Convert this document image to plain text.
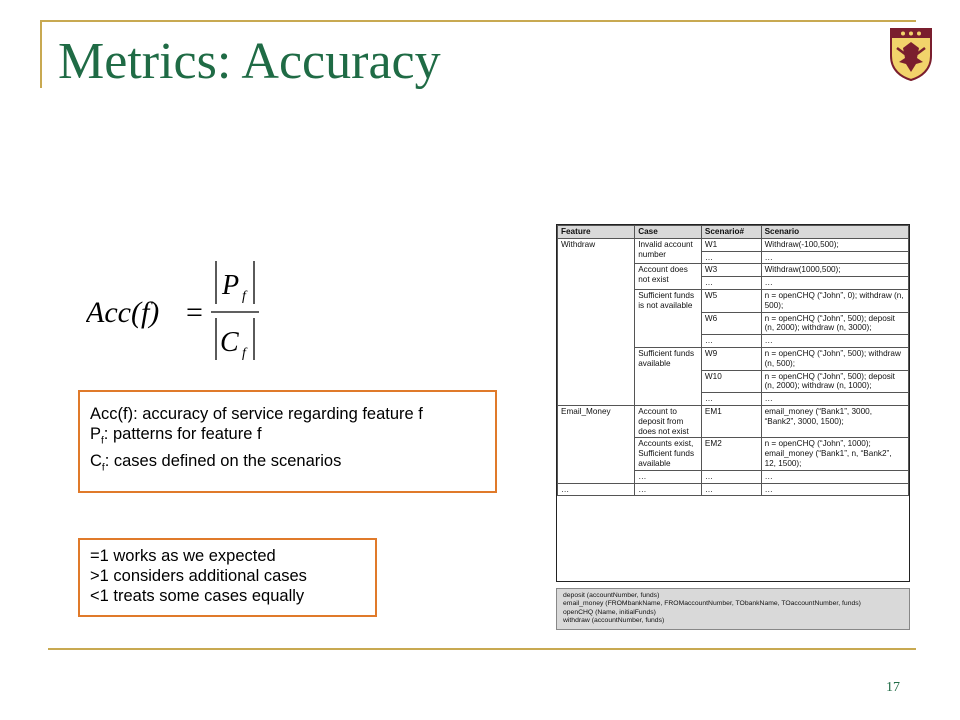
Metrics: Accuracy
Acc(f) =
P f
C f

Acc(f): accuracy of service regarding feature f

$P_f$: patterns for feature f

$C_f$: cases defined on the scenarios

=1 works as we expected

>1 considers additional cases

<1 treats some cases equally

Feature	Case	Scenario#	Scenario
Withdraw	Invalid account number	W1	Withdraw(-100,500);
		…	…
	Account does not exist	W3	Withdraw(1000,500);
		…	…
	Sufficient funds is not available	W5	n = openCHQ (“John”, 0); withdraw (n, 500);
		W6	n = openCHQ (“John”, 500); deposit (n, 2000); withdraw (n, 3000);
		…	…
	Sufficient funds available	W9	n = openCHQ (“John”, 500); withdraw (n, 500);
		W10	n = openCHQ (“John”, 500); deposit (n, 2000); withdraw (n, 1000);
		…	…
Email_Money	Account to deposit from does not exist	EM1	email_money (“Bank1”, 3000, “Bank2”, 3000, 1500);
	Accounts exist, Sufficient funds available	EM2	n = openCHQ (“John”, 1000); email_money (“Bank1”, n, “Bank2”, 12, 1500);
	…	…	…
…	…	…	…
deposit (accountNumber, funds)
email_money (FROMbankName, FROMaccountNumber, TObankName, TOaccountNumber, funds)
openCHQ (Name, initialFunds)
withdraw (accountNumber, funds)
17
